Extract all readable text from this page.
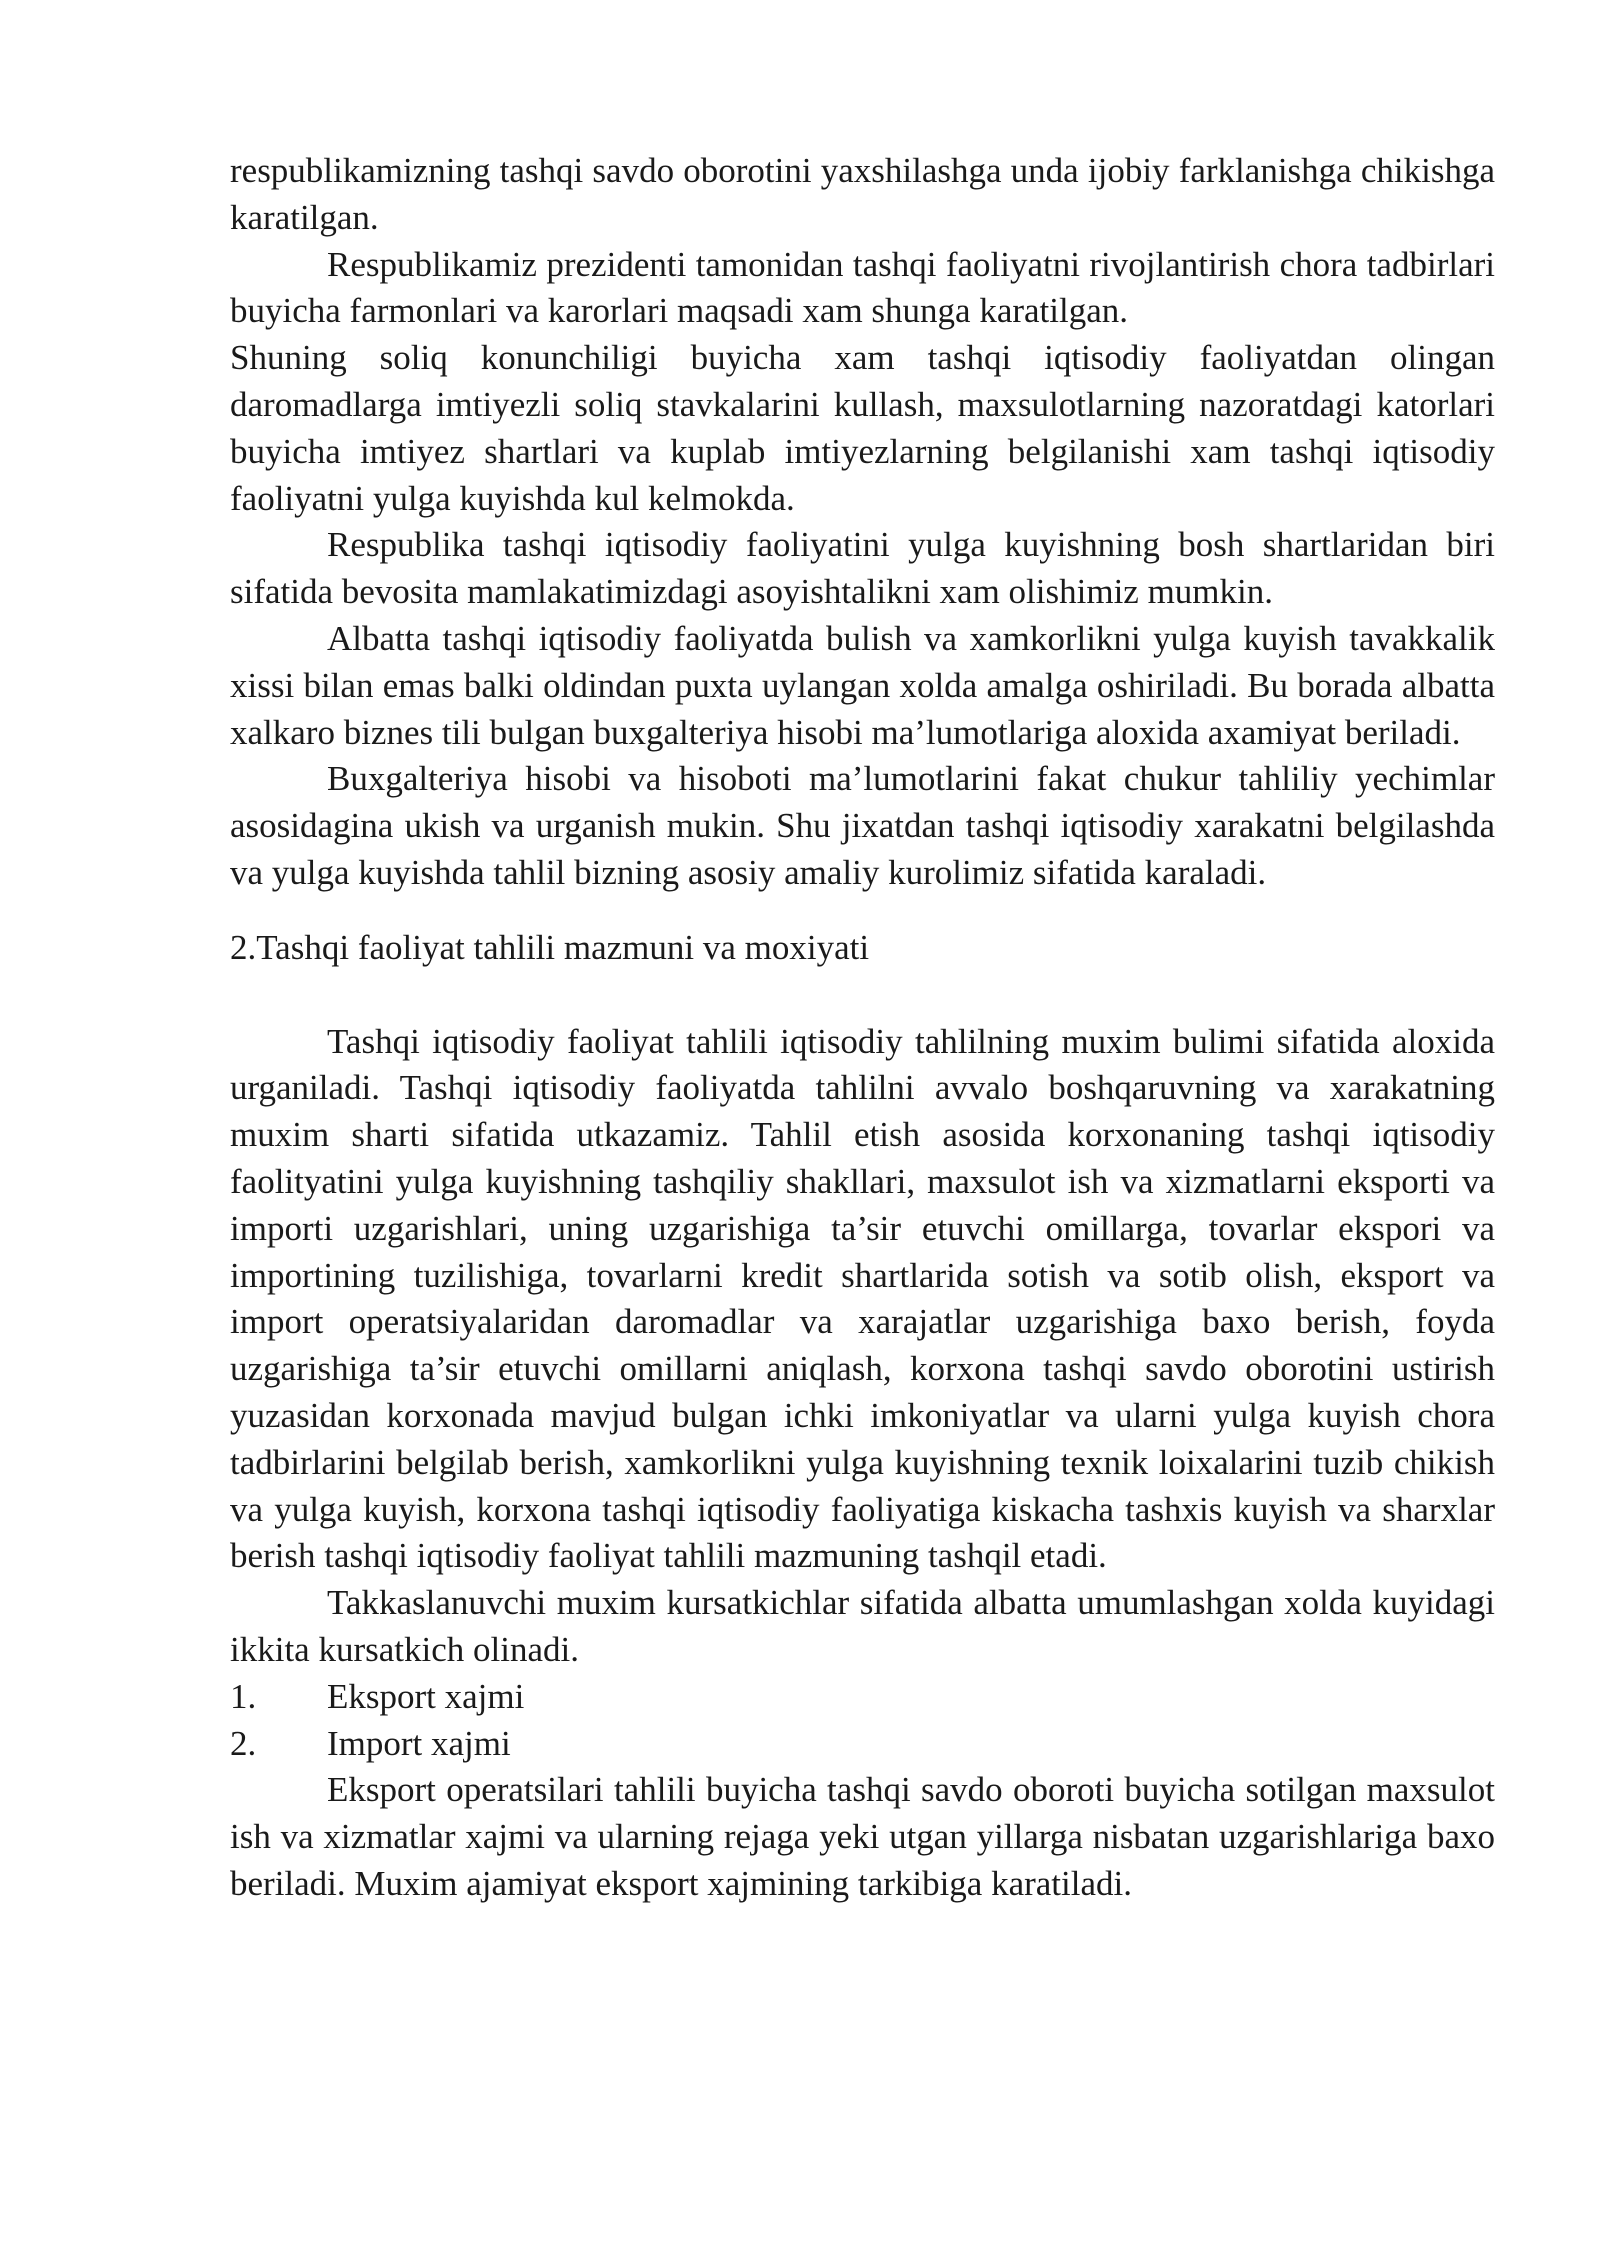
respublikamizning tashqi savdo oborotini yaxshilashga unda ijobiy farklanishga chikishga karatilgan.

Respublikamiz prezidenti tamonidan tashqi faoliyatni rivojlantirish chora tadbirlari buyicha farmonlari va karorlari maqsadi xam shunga karatilgan.

Shuning soliq konunchiligi buyicha xam tashqi iqtisodiy faoliyatdan olingan daromadlarga imtiyezli soliq stavkalarini kullash, maxsulotlarning nazoratdagi katorlari buyicha imtiyez shartlari va kuplab imtiyezlarning belgilanishi xam tashqi iqtisodiy faoliyatni yulga kuyishda kul kelmokda.

Respublika tashqi iqtisodiy faoliyatini yulga kuyishning bosh shartlaridan biri sifatida bevosita mamlakatimizdagi asoyishtalikni xam olishimiz mumkin.

Albatta tashqi iqtisodiy faoliyatda bulish va xamkorlikni yulga kuyish tavakkalik xissi bilan emas balki oldindan puxta uylangan xolda amalga oshiriladi. Bu borada albatta xalkaro biznes tili bulgan buxgalteriya hisobi ma’lumotlariga aloxida axamiyat beriladi.

Buxgalteriya hisobi va hisoboti ma’lumotlarini fakat chukur tahliliy yechimlar asosidagina ukish va urganish mukin. Shu jixatdan tashqi iqtisodiy xarakatni belgilashda va yulga kuyishda tahlil bizning asosiy amaliy kurolimiz sifatida karaladi.

2.Tashqi faoliyat tahlili mazmuni va moxiyati

Tashqi iqtisodiy faoliyat tahlili iqtisodiy tahlilning muxim bulimi sifatida aloxida urganiladi. Tashqi iqtisodiy faoliyatda tahlilni avvalo boshqaruvning va xarakatning muxim sharti sifatida utkazamiz. Tahlil etish asosida korxonaning tashqi iqtisodiy faolityatini yulga kuyishning tashqiliy shakllari, maxsulot ish va xizmatlarni eksporti va importi uzgarishlari, uning uzgarishiga ta’sir etuvchi omillarga, tovarlar ekspori va importining tuzilishiga, tovarlarni kredit shartlarida sotish va sotib olish, eksport va import operatsiyalaridan daromadlar va xarajatlar uzgarishiga baxo berish, foyda uzgarishiga ta’sir etuvchi omillarni aniqlash, korxona tashqi savdo oborotini ustirish yuzasidan korxonada mavjud bulgan ichki imkoniyatlar va ularni yulga kuyish chora tadbirlarini belgilab berish, xamkorlikni yulga kuyishning texnik loixalarini tuzib chikish va yulga kuyish, korxona tashqi iqtisodiy faoliyatiga kiskacha tashxis kuyish va sharxlar berish tashqi iqtisodiy faoliyat tahlili mazmuning tashqil etadi.

Takkaslanuvchi muxim kursatkichlar sifatida albatta umumlashgan xolda kuyidagi ikkita kursatkich olinadi.

1.	Eksport xajmi
2.	Import xajmi

Eksport operatsilari tahlili buyicha tashqi savdo oboroti buyicha sotilgan maxsulot ish va xizmatlar xajmi va ularning rejaga yeki utgan yillarga nisbatan uzgarishlariga baxo beriladi. Muxim ajamiyat eksport xajmining tarkibiga karatiladi.
